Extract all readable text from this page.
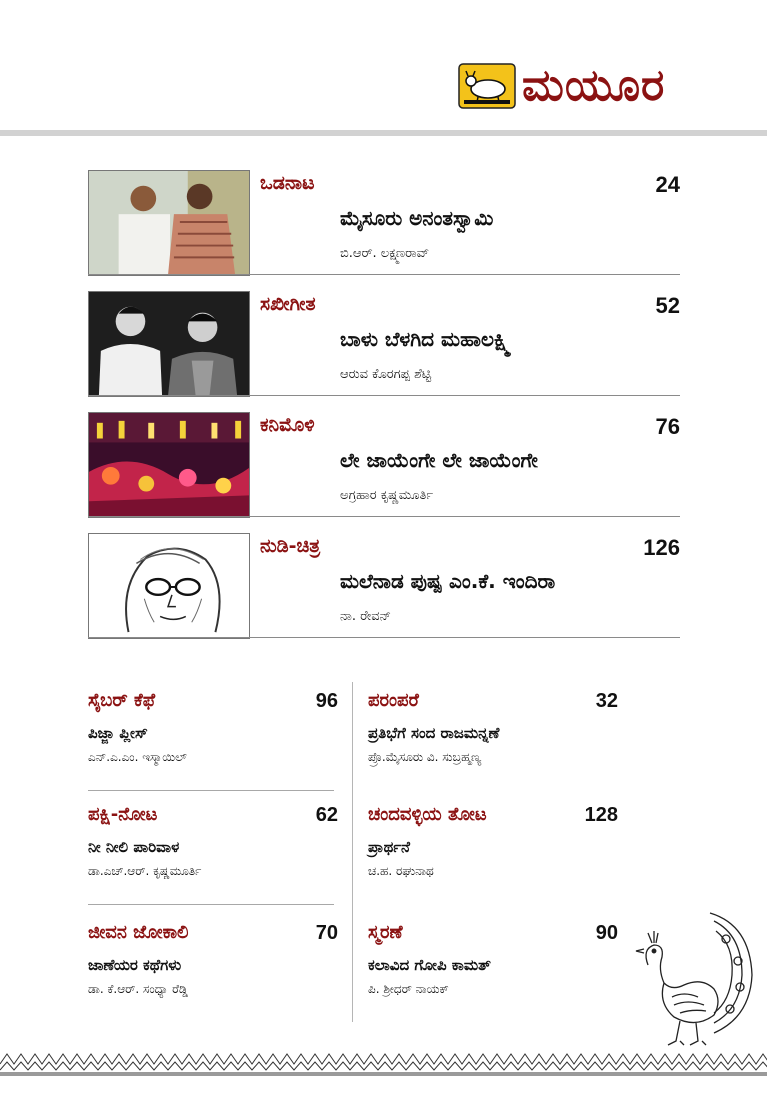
ಮಯೂರ
ಒಡನಾಟ	24
ಮೈಸೂರು ಅನಂತಸ್ವಾಮಿ
ಬಿ.ಆರ್. ಲಕ್ಷ್ಮಣರಾವ್
ಸಖೀಗೀತ	52
ಬಾಳು ಬೆಳಗಿದ ಮಹಾಲಕ್ಷ್ಮಿ
ಆರುವ ಕೊರಗಪ್ಪ ಶೆಟ್ಟಿ
ಕನಿಮೊಳಿ	76
ಲೇ ಜಾಯೆಂಗೇ ಲೇ ಜಾಯೆಂಗೇ
ಅಗ್ರಹಾರ ಕೃಷ್ಣಮೂರ್ತಿ
ನುಡಿ-ಚಿತ್ರ	126
ಮಲೆನಾಡ ಪುಷ್ಪ ಎಂ.ಕೆ. ಇಂದಿರಾ
ನಾ. ರೇವನ್
ಸೈಬರ್ ಕೆಫೆ	96
ಪಿಜ್ಜಾ ಪ್ಲೀಸ್
ಎನ್.ಎ.ಎಂ. ಇಸ್ಮಾಯಿಲ್
ಪಕ್ಷಿ-ನೋಟ	62
ನೀ ನೀಲಿ ಪಾರಿವಾಳ
ಡಾ.ಎಚ್.ಆರ್. ಕೃಷ್ಣಮೂರ್ತಿ
ಜೀವನ ಜೋಕಾಲಿ	70
ಜಾಣೆಯರ ಕಥೆಗಳು
ಡಾ. ಕೆ.ಆರ್. ಸಂಧ್ಯಾ ರೆಡ್ಡಿ
ಪರಂಪರೆ	32
ಪ್ರತಿಭೆಗೆ ಸಂದ ರಾಜಮನ್ನಣೆ
ಪ್ರೊ.ಮೈಸೂರು ವಿ. ಸುಬ್ರಹ್ಮಣ್ಯ
ಚಂದವಳ್ಳಿಯ ತೋಟ	128
ಪ್ರಾರ್ಥನೆ
ಚ.ಹ. ರಘುನಾಥ
ಸ್ಮರಣೆ	90
ಕಲಾವಿದ ಗೋಪಿ ಕಾಮತ್
ಪಿ. ಶ್ರೀಧರ್ ನಾಯಕ್
